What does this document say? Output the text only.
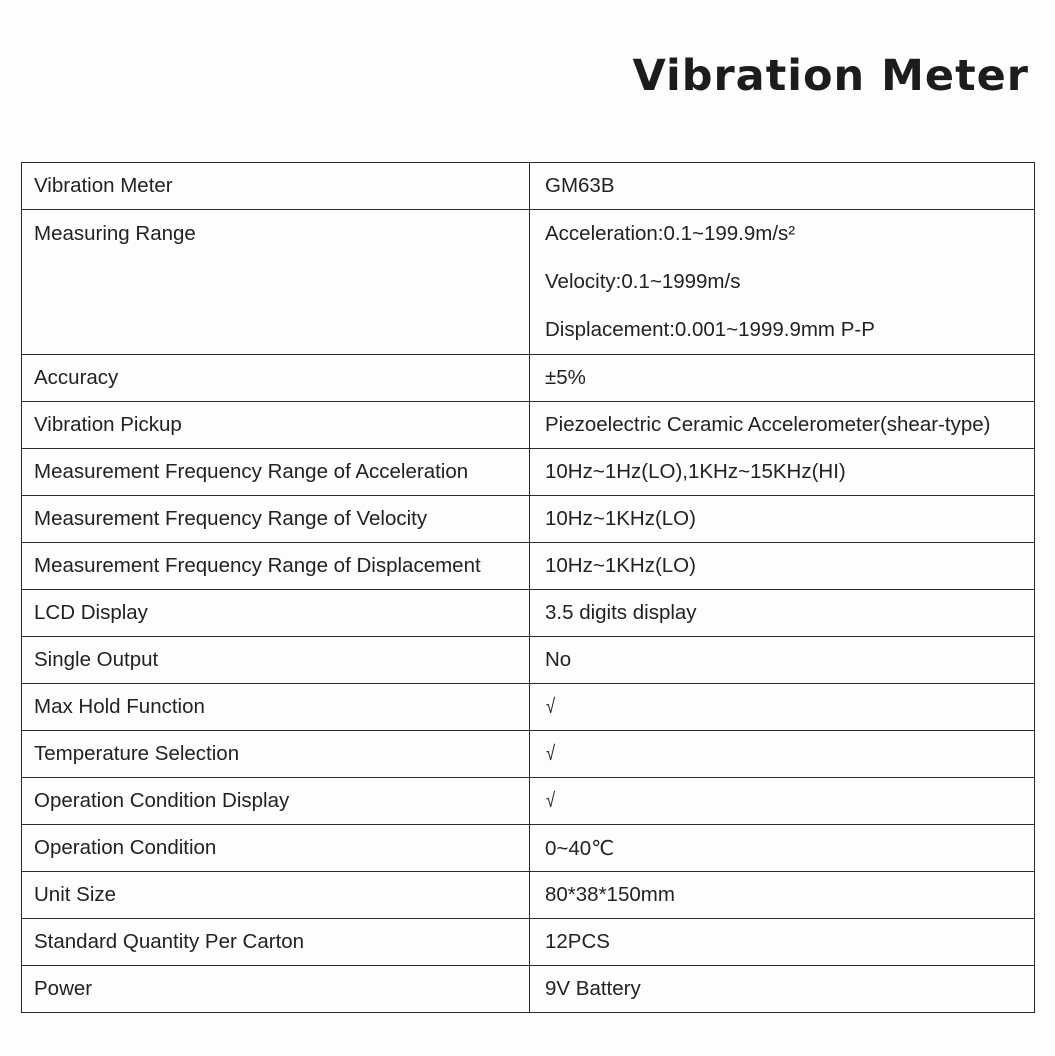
Vibration Meter
Vibration Meter	GM63B
Measuring Range	Acceleration:0.1~199.9m/s²
Velocity:0.1~1999m/s
Displacement:0.001~1999.9mm P-P

Accuracy	±5%
Vibration Pickup	Piezoelectric Ceramic Accelerometer(shear-type)
Measurement Frequency Range of Acceleration	10Hz~1Hz(LO),1KHz~15KHz(HI)
Measurement Frequency Range of Velocity	10Hz~1KHz(LO)
Measurement Frequency Range of Displacement	10Hz~1KHz(LO)
LCD Display	3.5 digits display
Single Output	No
Max Hold Function	√
Temperature Selection	√
Operation Condition Display	√
Operation Condition	0~40℃
Unit Size	80*38*150mm
Standard Quantity Per Carton	12PCS
Power	9V Battery
